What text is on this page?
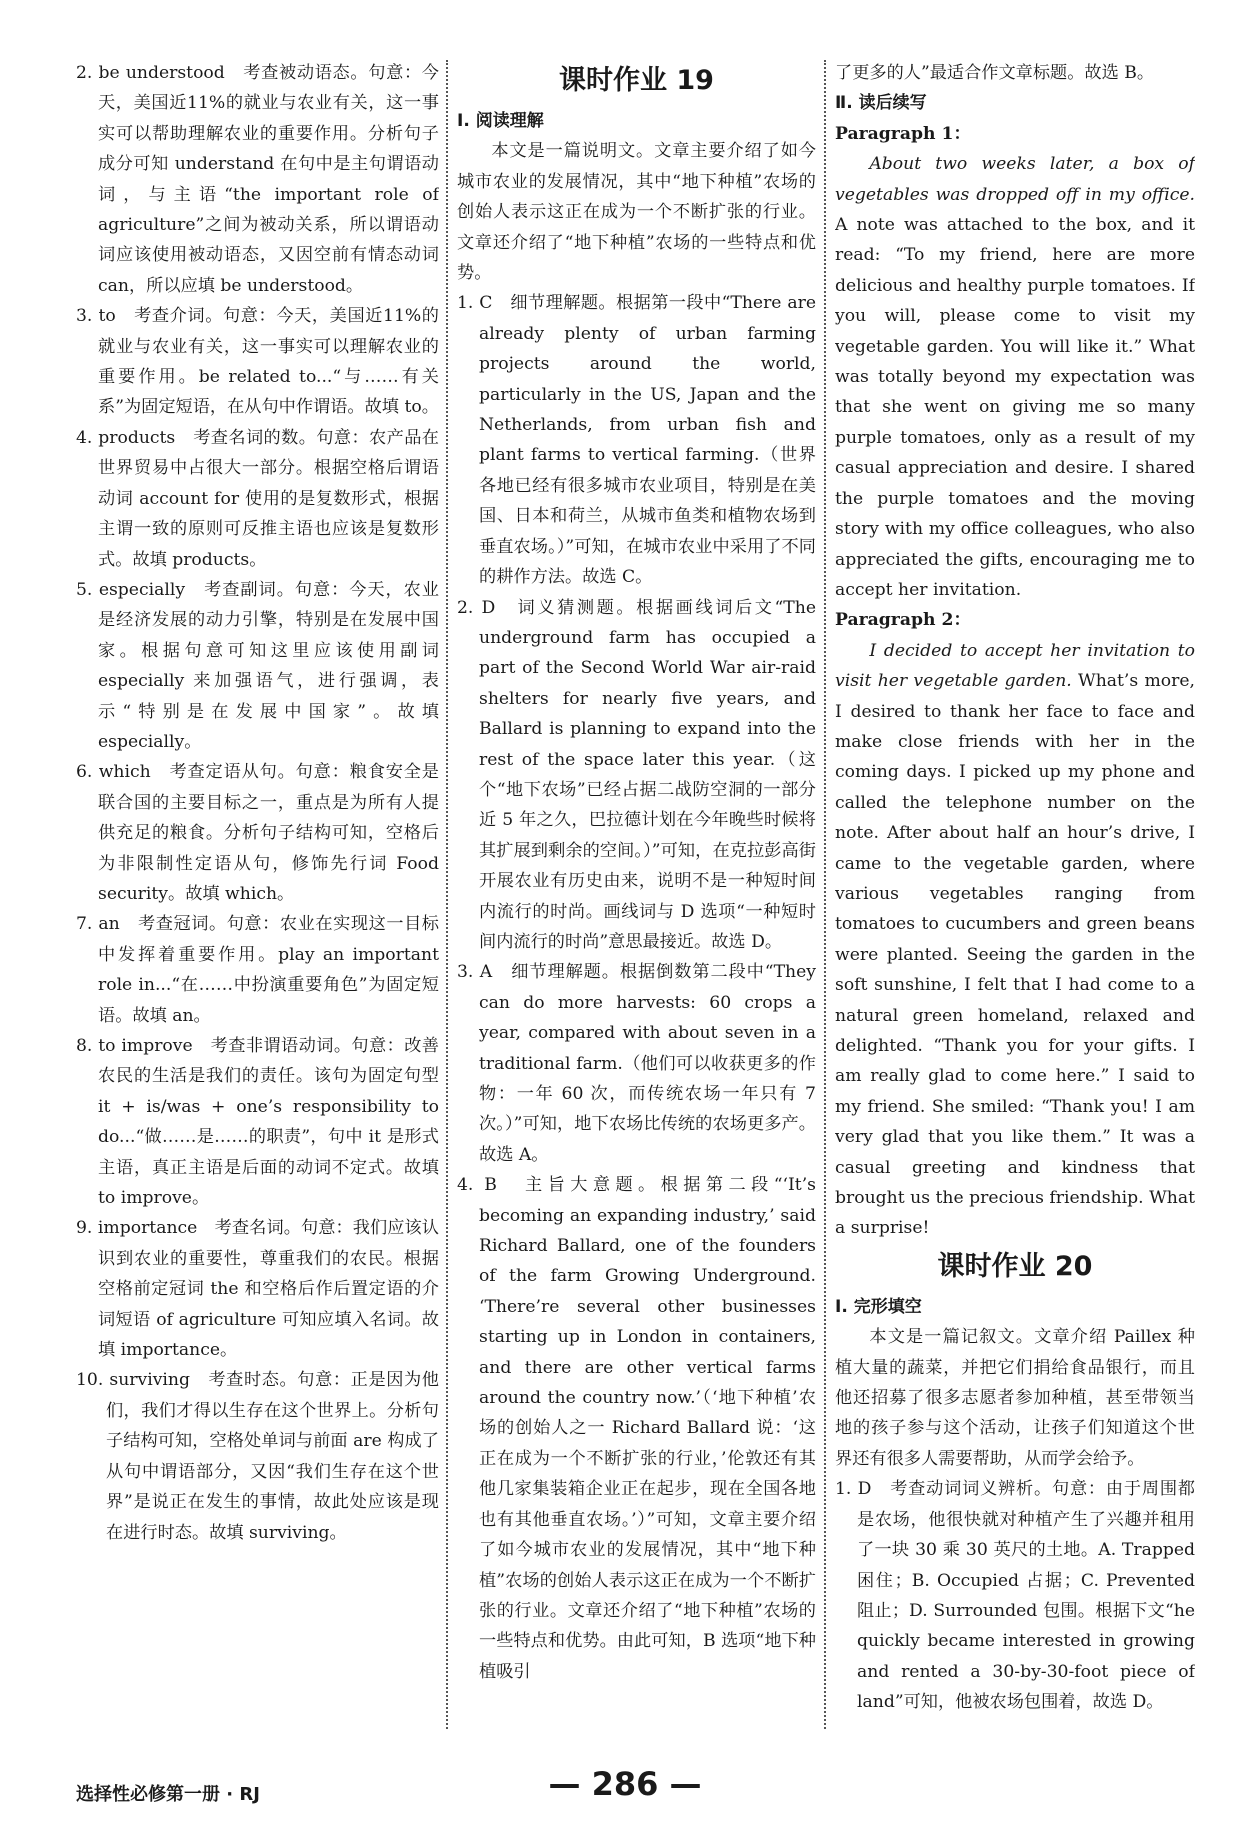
2. be understood　考查被动语态。句意：今天，美国近11%的就业与农业有关，这一事实可以帮助理解农业的重要作用。分析句子成分可知 understand 在句中是主句谓语动词，与主语“the important role of agriculture”之间为被动关系，所以谓语动词应该使用被动语态，又因空前有情态动词 can，所以应填 be understood。

3. to　考查介词。句意：今天，美国近11%的就业与农业有关，这一事实可以理解农业的重要作用。be related to...“与……有关系”为固定短语，在从句中作谓语。故填 to。

4. products　考查名词的数。句意：农产品在世界贸易中占很大一部分。根据空格后谓语动词 account for 使用的是复数形式，根据主谓一致的原则可反推主语也应该是复数形式。故填 products。

5. especially　考查副词。句意：今天，农业是经济发展的动力引擎，特别是在发展中国家。根据句意可知这里应该使用副词 especially 来加强语气，进行强调，表示“特别是在发展中国家”。故填 especially。

6. which　考查定语从句。句意：粮食安全是联合国的主要目标之一，重点是为所有人提供充足的粮食。分析句子结构可知，空格后为非限制性定语从句，修饰先行词 Food security。故填 which。

7. an　考查冠词。句意：农业在实现这一目标中发挥着重要作用。play an important role in...“在……中扮演重要角色”为固定短语。故填 an。

8. to improve　考查非谓语动词。句意：改善农民的生活是我们的责任。该句为固定句型 it + is/was + one’s responsibility to do...“做……是……的职责”，句中 it 是形式主语，真正主语是后面的动词不定式。故填 to improve。

9. importance　考查名词。句意：我们应该认识到农业的重要性，尊重我们的农民。根据空格前定冠词 the 和空格后作后置定语的介词短语 of agriculture 可知应填入名词。故填 importance。

10. surviving　考查时态。句意：正是因为他们，我们才得以生存在这个世界上。分析句子结构可知，空格处单词与前面 are 构成了从句中谓语部分，又因“我们生存在这个世界”是说正在发生的事情，故此处应该是现在进行时态。故填 surviving。

课时作业 19

Ⅰ. 阅读理解

本文是一篇说明文。文章主要介绍了如今城市农业的发展情况，其中“地下种植”农场的创始人表示这正在成为一个不断扩张的行业。文章还介绍了“地下种植”农场的一些特点和优势。

1. C　细节理解题。根据第一段中“There are already plenty of urban farming projects around the world, particularly in the US, Japan and the Netherlands, from urban fish and plant farms to vertical farming.（世界各地已经有很多城市农业项目，特别是在美国、日本和荷兰，从城市鱼类和植物农场到垂直农场。）”可知，在城市农业中采用了不同的耕作方法。故选 C。

2. D　词义猜测题。根据画线词后文“The underground farm has occupied a part of the Second World War air-raid shelters for nearly five years, and Ballard is planning to expand into the rest of the space later this year.（这个“地下农场”已经占据二战防空洞的一部分近 5 年之久，巴拉德计划在今年晚些时候将其扩展到剩余的空间。）”可知，在克拉彭高街开展农业有历史由来，说明不是一种短时间内流行的时尚。画线词与 D 选项“一种短时间内流行的时尚”意思最接近。故选 D。

3. A　细节理解题。根据倒数第二段中“They can do more harvests: 60 crops a year, compared with about seven in a traditional farm.（他们可以收获更多的作物：一年 60 次，而传统农场一年只有 7 次。）”可知，地下农场比传统的农场更多产。故选 A。

4. B　主旨大意题。根据第二段“‘It’s becoming an expanding industry,’ said Richard Ballard, one of the founders of the farm Growing Underground. ‘There’re several other businesses starting up in London in containers, and there are other vertical farms around the country now.’（‘地下种植’农场的创始人之一 Richard Ballard 说：‘这正在成为一个不断扩张的行业，’伦敦还有其他几家集装箱企业正在起步，现在全国各地也有其他垂直农场。’）”可知，文章主要介绍了如今城市农业的发展情况，其中“地下种植”农场的创始人表示这正在成为一个不断扩张的行业。文章还介绍了“地下种植”农场的一些特点和优势。由此可知，B 选项“地下种植吸引

了更多的人”最适合作文章标题。故选 B。

Ⅱ. 读后续写

Paragraph 1：

About two weeks later, a box of vegetables was dropped off in my office. A note was attached to the box, and it read: “To my friend, here are more delicious and healthy purple tomatoes. If you will, please come to visit my vegetable garden. You will like it.” What was totally beyond my expectation was that she went on giving me so many purple tomatoes, only as a result of my casual appreciation and desire. I shared the purple tomatoes and the moving story with my office colleagues, who also appreciated the gifts, encouraging me to accept her invitation.

Paragraph 2：

I decided to accept her invitation to visit her vegetable garden. What’s more, I desired to thank her face to face and make close friends with her in the coming days. I picked up my phone and called the telephone number on the note. After about half an hour’s drive, I came to the vegetable garden, where various vegetables ranging from tomatoes to cucumbers and green beans were planted. Seeing the garden in the soft sunshine, I felt that I had come to a natural green homeland, relaxed and delighted. “Thank you for your gifts. I am really glad to come here.” I said to my friend. She smiled: “Thank you! I am very glad that you like them.” It was a casual greeting and kindness that brought us the precious friendship. What a surprise!

课时作业 20

Ⅰ. 完形填空

本文是一篇记叙文。文章介绍 Paillex 种植大量的蔬菜，并把它们捐给食品银行，而且他还招募了很多志愿者参加种植，甚至带领当地的孩子参与这个活动，让孩子们知道这个世界还有很多人需要帮助，从而学会给予。

1. D　考查动词词义辨析。句意：由于周围都是农场，他很快就对种植产生了兴趣并租用了一块 30 乘 30 英尺的土地。A. Trapped 困住；B. Occupied 占据；C. Prevented 阻止；D. Surrounded 包围。根据下文“he quickly became interested in growing and rented a 30-by-30-foot piece of land”可知，他被农场包围着，故选 D。

选择性必修第一册 · RJ	— 286 —
